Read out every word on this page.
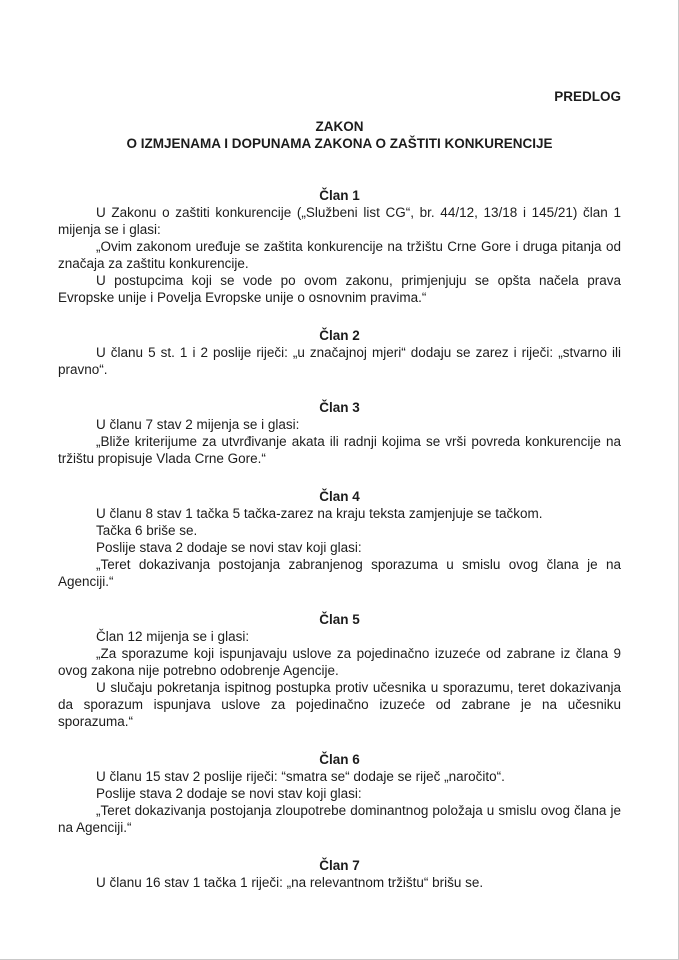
PREDLOG
ZAKON
O IZMJENAMA I DOPUNAMA ZAKONA O ZAŠTITI KONKURENCIJE
Član 1

U Zakonu o zaštiti konkurencije („Službeni list CG“, br. 44/12, 13/18 i 145/21) član 1 mijenja se i glasi:

„Ovim zakonom uređuje se zaštita konkurencije na tržištu Crne Gore i druga pitanja od značaja za zaštitu konkurencije.

U postupcima koji se vode po ovom zakonu, primjenjuju se opšta načela prava Evropske unije i Povelja Evropske unije o osnovnim pravima.“

Član 2

U članu 5 st. 1 i 2 poslije riječi: „u značajnoj mjeri“ dodaju se zarez i riječi: „stvarno ili pravno“.

Član 3

U članu 7 stav 2 mijenja se i glasi:

„Bliže kriterijume za utvrđivanje akata ili radnji kojima se vrši povreda konkurencije na tržištu propisuje Vlada Crne Gore.“

Član 4

U članu 8 stav 1 tačka 5 tačka-zarez na kraju teksta zamjenjuje se tačkom.

Tačka 6 briše se.

Poslije stava 2 dodaje se novi stav koji glasi:

„Teret dokazivanja postojanja zabranjenog sporazuma u smislu ovog člana je na Agenciji.“

Član 5

Član 12 mijenja se i glasi:

„Za sporazume koji ispunjavaju uslove za pojedinačno izuzeće od zabrane iz člana 9 ovog zakona nije potrebno odobrenje Agencije.

U slučaju pokretanja ispitnog postupka protiv učesnika u sporazumu, teret dokazivanja da sporazum ispunjava uslove za pojedinačno izuzeće od zabrane je na učesniku sporazuma.“

Član 6

U članu 15 stav 2 poslije riječi: “smatra se“ dodaje se riječ „naročito“.

Poslije stava 2 dodaje se novi stav koji glasi:

„Teret dokazivanja postojanja zloupotrebe dominantnog položaja u smislu ovog člana je na Agenciji.“

Član 7

U članu 16 stav 1 tačka 1 riječi: „na relevantnom tržištu“ brišu se.
